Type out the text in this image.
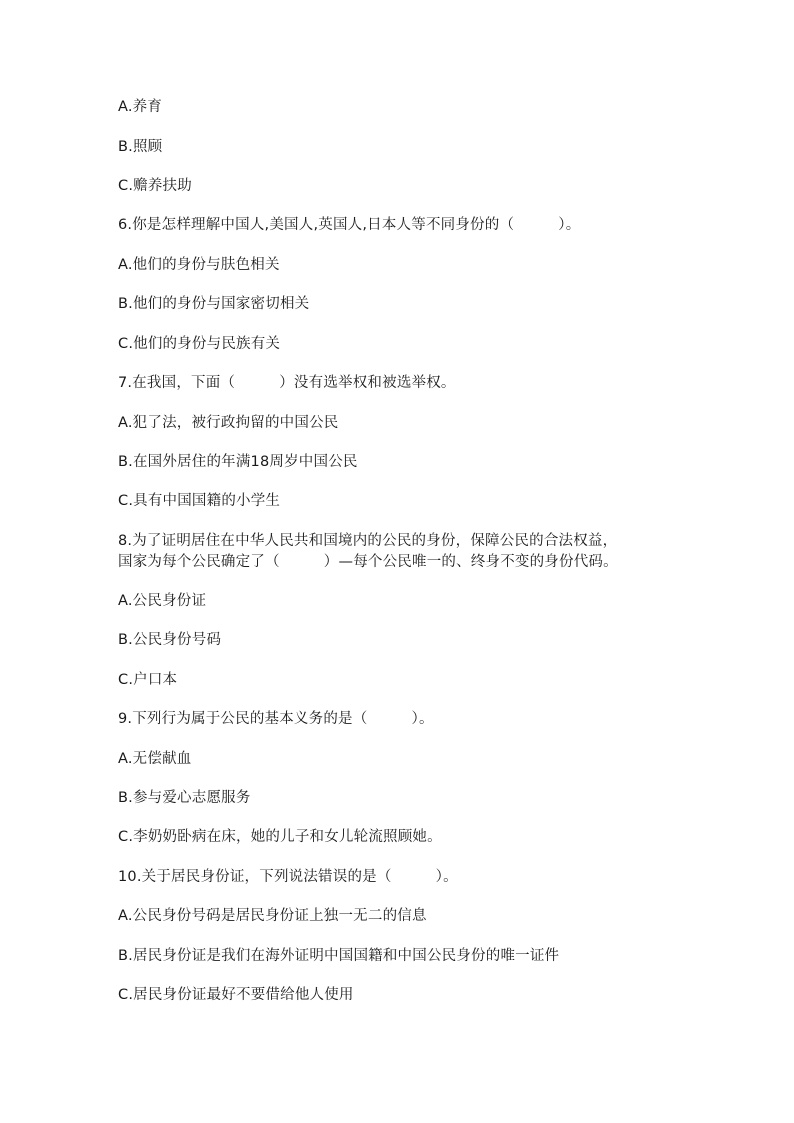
A.养育
B.照顾
C.赡养扶助
6.你是怎样理解中国人,美国人,英国人,日本人等不同身份的（　　　）。
A.他们的身份与肤色相关
B.他们的身份与国家密切相关
C.他们的身份与民族有关
7.在我国，下面（　　　）没有选举权和被选举权。
A.犯了法，被行政拘留的中国公民
B.在国外居住的年满18周岁中国公民
C.具有中国国籍的小学生
8.为了证明居住在中华人民共和国境内的公民的身份，保障公民的合法权益，
国家为每个公民确定了（　　　）—每个公民唯一的、终身不变的身份代码。
A.公民身份证
B.公民身份号码
C.户口本
9.下列行为属于公民的基本义务的是（　　　）。
A.无偿献血
B.参与爱心志愿服务
C.李奶奶卧病在床，她的儿子和女儿轮流照顾她。
10.关于居民身份证，下列说法错误的是（　　　）。
A.公民身份号码是居民身份证上独一无二的信息
B.居民身份证是我们在海外证明中国国籍和中国公民身份的唯一证件
C.居民身份证最好不要借给他人使用
